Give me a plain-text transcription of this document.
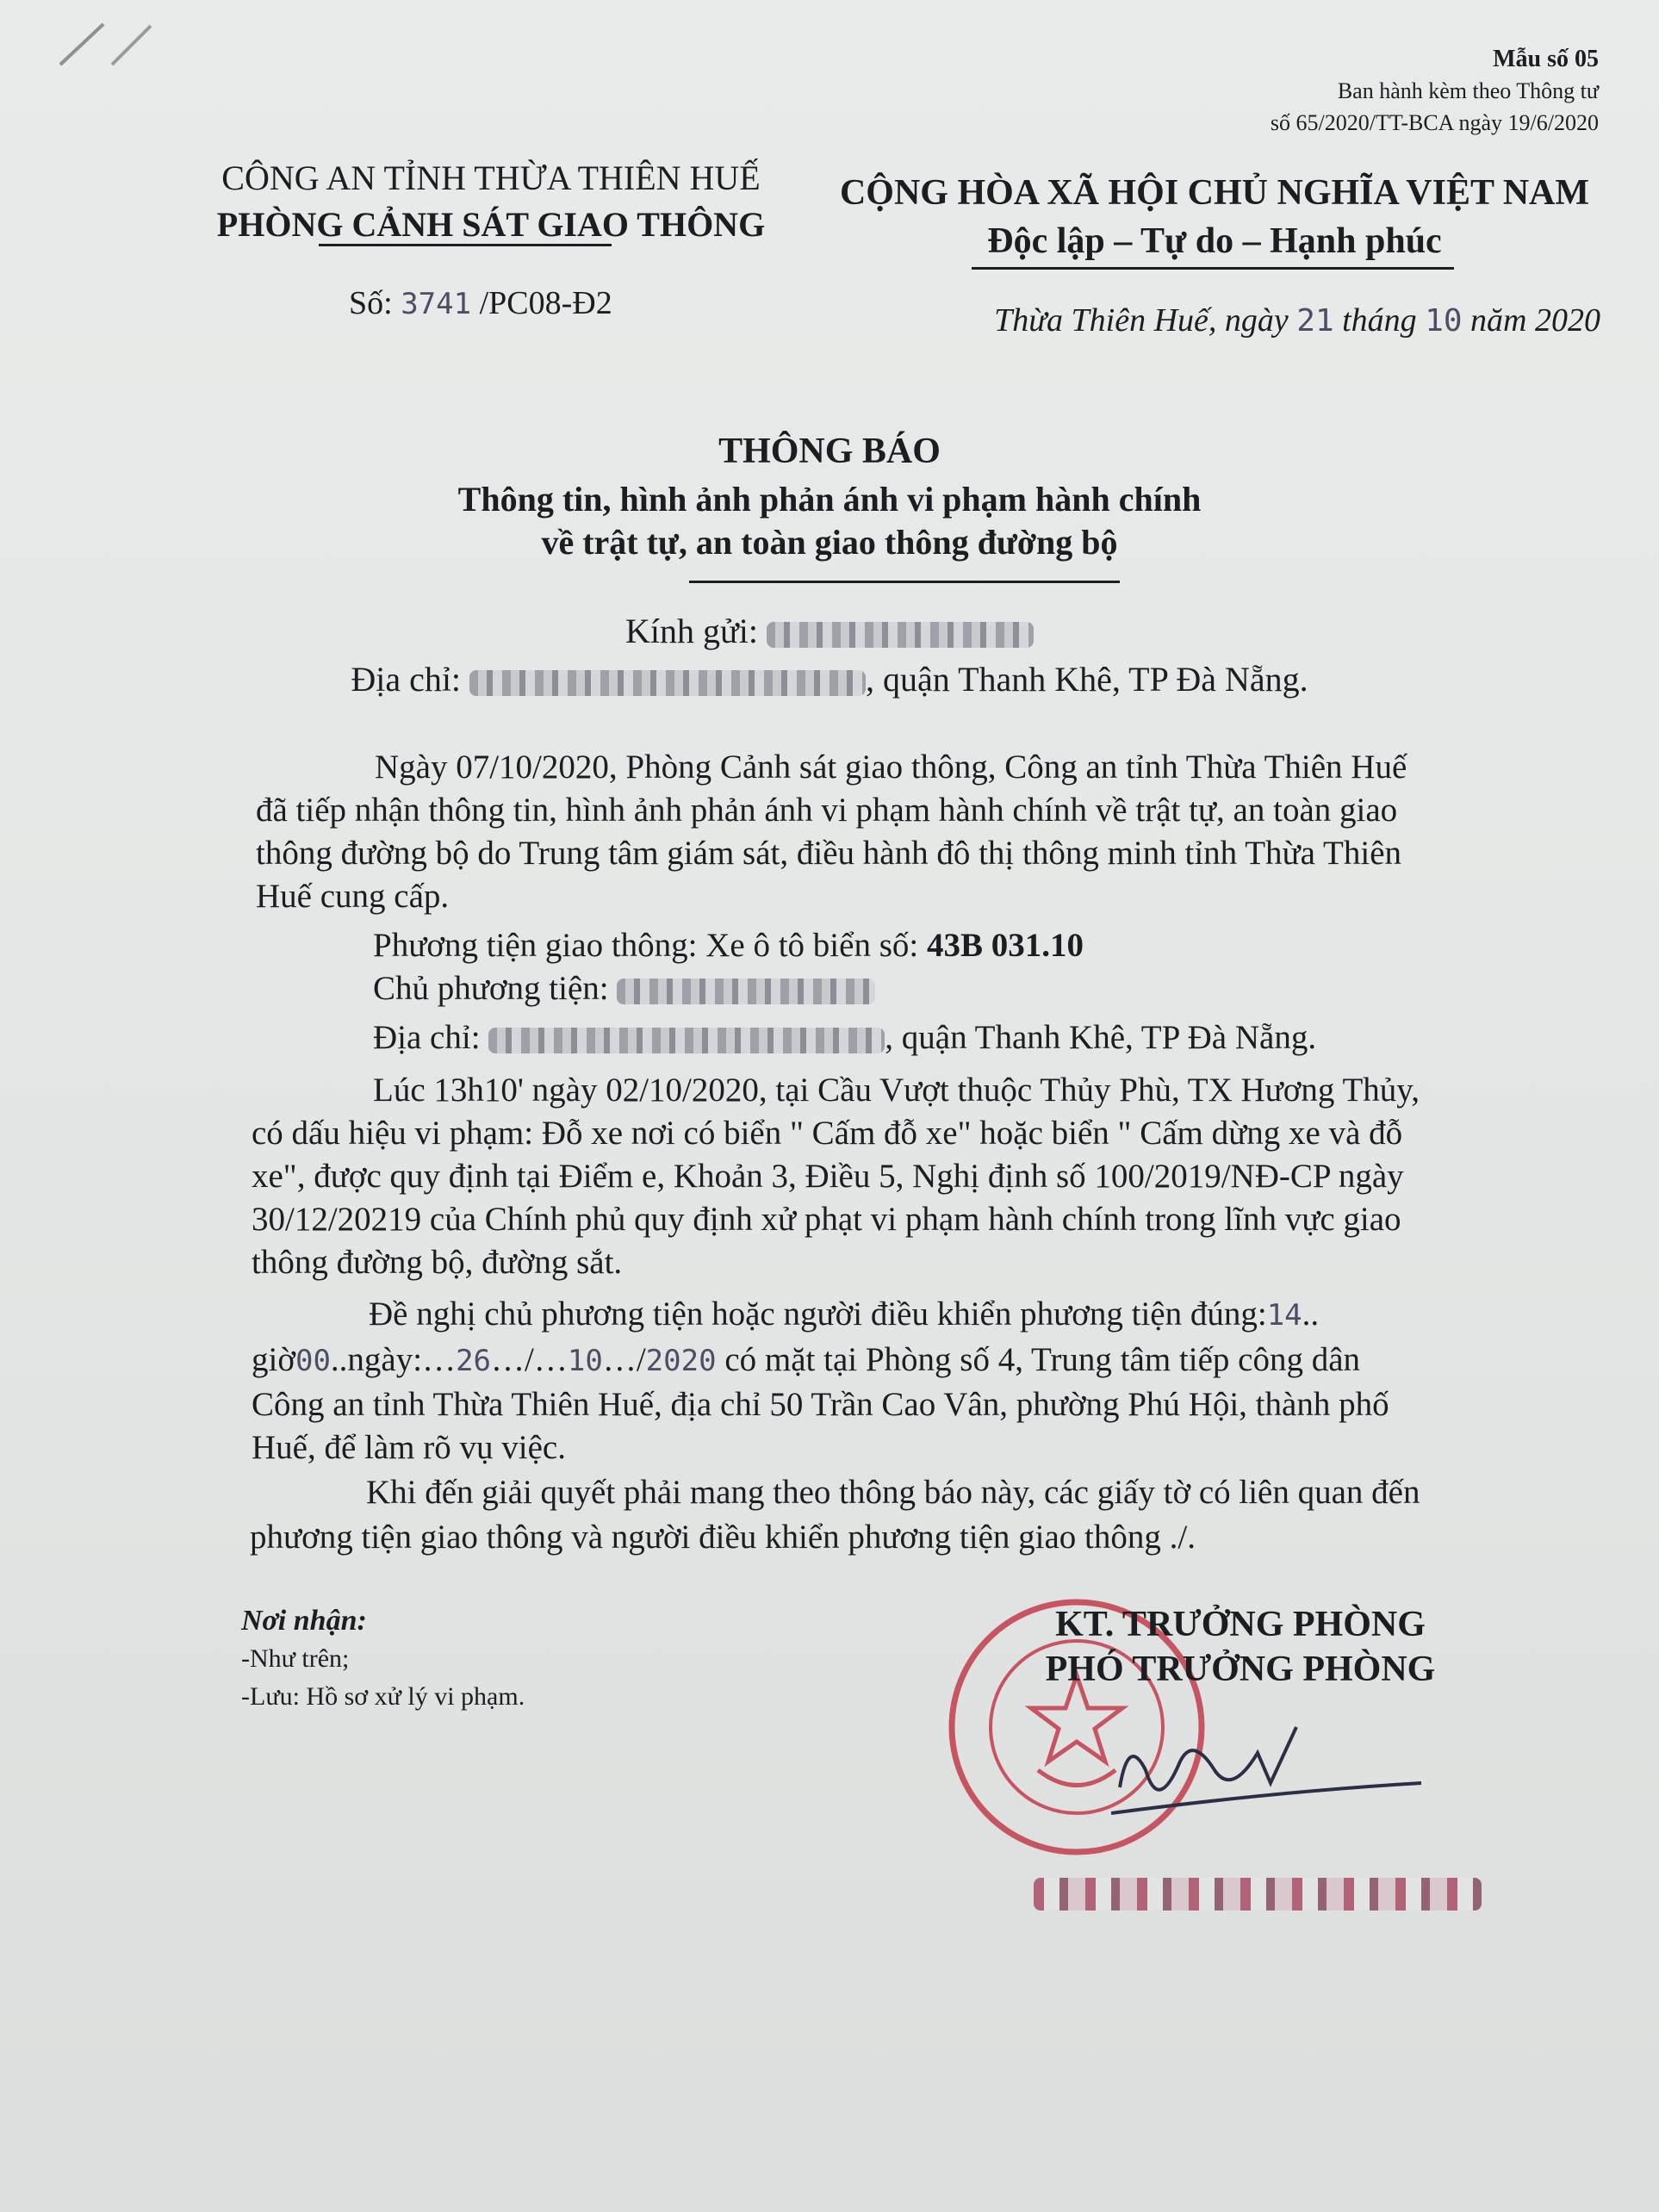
Mẫu số 05
Ban hành kèm theo Thông tư
số 65/2020/TT-BCA ngày 19/6/2020
CÔNG AN TỈNH THỪA THIÊN HUẾ
PHÒNG CẢNH SÁT GIAO THÔNG
Số: 3741 /PC08-Đ2
CỘNG HÒA XÃ HỘI CHỦ NGHĨA VIỆT NAM
Độc lập – Tự do – Hạnh phúc
Thừa Thiên Huế, ngày 21 tháng 10 năm 2020
THÔNG BÁO
Thông tin, hình ảnh phản ánh vi phạm hành chính
về trật tự, an toàn giao thông đường bộ
Kính gửi:
Địa chỉ:	, quận Thanh Khê, TP Đà Nẵng.
Ngày 07/10/2020, Phòng Cảnh sát giao thông, Công an tỉnh Thừa Thiên Huế
đã tiếp nhận thông tin, hình ảnh phản ánh vi phạm hành chính về trật tự, an toàn giao
thông đường bộ do Trung tâm giám sát, điều hành đô thị thông minh tỉnh Thừa Thiên
Huế cung cấp.
Phương tiện giao thông: Xe ô tô biển số: 43B 031.10
Chủ phương tiện:
Địa chỉ:	, quận Thanh Khê, TP Đà Nẵng.
Lúc 13h10' ngày 02/10/2020, tại Cầu Vượt thuộc Thủy Phù, TX Hương Thủy,
có dấu hiệu vi phạm: Đỗ xe nơi có biển " Cấm đỗ xe" hoặc biển " Cấm dừng xe và đỗ
xe", được quy định tại Điểm e, Khoản 3, Điều 5, Nghị định số 100/2019/NĐ-CP ngày
30/12/20219 của Chính phủ quy định xử phạt vi phạm hành chính trong lĩnh vực giao
thông đường bộ, đường sắt.
Đề nghị chủ phương tiện hoặc người điều khiển phương tiện đúng:14..
giờ00..ngày:…26…/…10…/2020 có mặt tại Phòng số 4, Trung tâm tiếp công dân
Công an tỉnh Thừa Thiên Huế, địa chỉ 50 Trần Cao Vân, phường Phú Hội, thành phố
Huế, để làm rõ vụ việc.
Khi đến giải quyết phải mang theo thông báo này, các giấy tờ có liên quan đến
phương tiện giao thông và người điều khiển phương tiện giao thông ./.
Nơi nhận:
-Như trên;
-Lưu: Hồ sơ xử lý vi phạm.
KT. TRƯỞNG PHÒNG
PHÓ TRƯỞNG PHÒNG
